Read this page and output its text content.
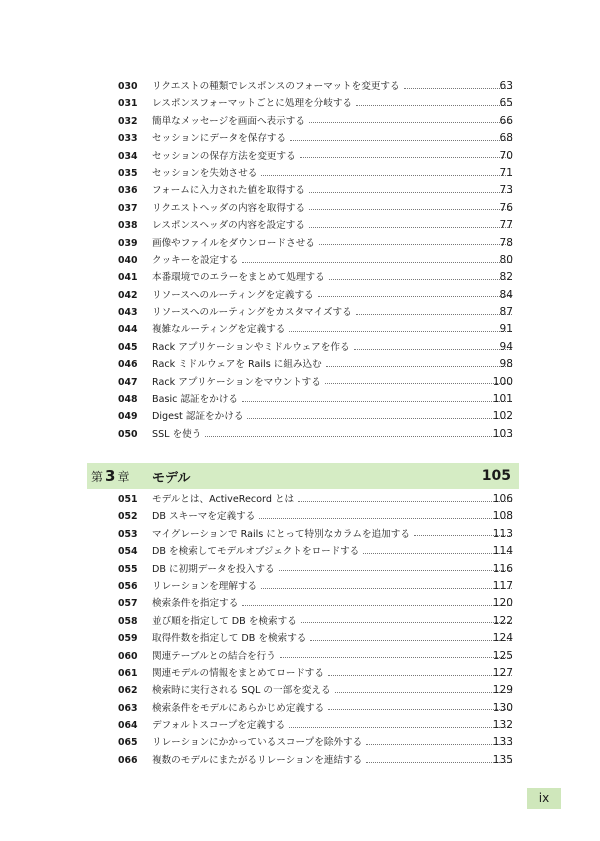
030	リクエストの種類でレスポンスのフォーマットを変更する	63
031	レスポンスフォーマットごとに処理を分岐する	65
032	簡単なメッセージを画面へ表示する	66
033	セッションにデータを保存する	68
034	セッションの保存方法を変更する	70
035	セッションを失効させる	71
036	フォームに入力された値を取得する	73
037	リクエストヘッダの内容を取得する	76
038	レスポンスヘッダの内容を設定する	77
039	画像やファイルをダウンロードさせる	78
040	クッキーを設定する	80
041	本番環境でのエラーをまとめて処理する	82
042	リソースへのルーティングを定義する	84
043	リソースへのルーティングをカスタマイズする	87
044	複雑なルーティングを定義する	91
045	Rack アプリケーションやミドルウェアを作る	94
046	Rack ミドルウェアを Rails に組み込む	98
047	Rack アプリケーションをマウントする	100
048	Basic 認証をかける	101
049	Digest 認証をかける	102
050	SSL を使う	103
第 3 章 モデル	105
051	モデルとは、ActiveRecord とは	106
052	DB スキーマを定義する	108
053	マイグレーションで Rails にとって特別なカラムを追加する	113
054	DB を検索してモデルオブジェクトをロードする	114
055	DB に初期データを投入する	116
056	リレーションを理解する	117
057	検索条件を指定する	120
058	並び順を指定して DB を検索する	122
059	取得件数を指定して DB を検索する	124
060	関連テーブルとの結合を行う	125
061	関連モデルの情報をまとめてロードする	127
062	検索時に実行される SQL の一部を変える	129
063	検索条件をモデルにあらかじめ定義する	130
064	デフォルトスコープを定義する	132
065	リレーションにかかっているスコープを除外する	133
066	複数のモデルにまたがるリレーションを連結する	135
ix
